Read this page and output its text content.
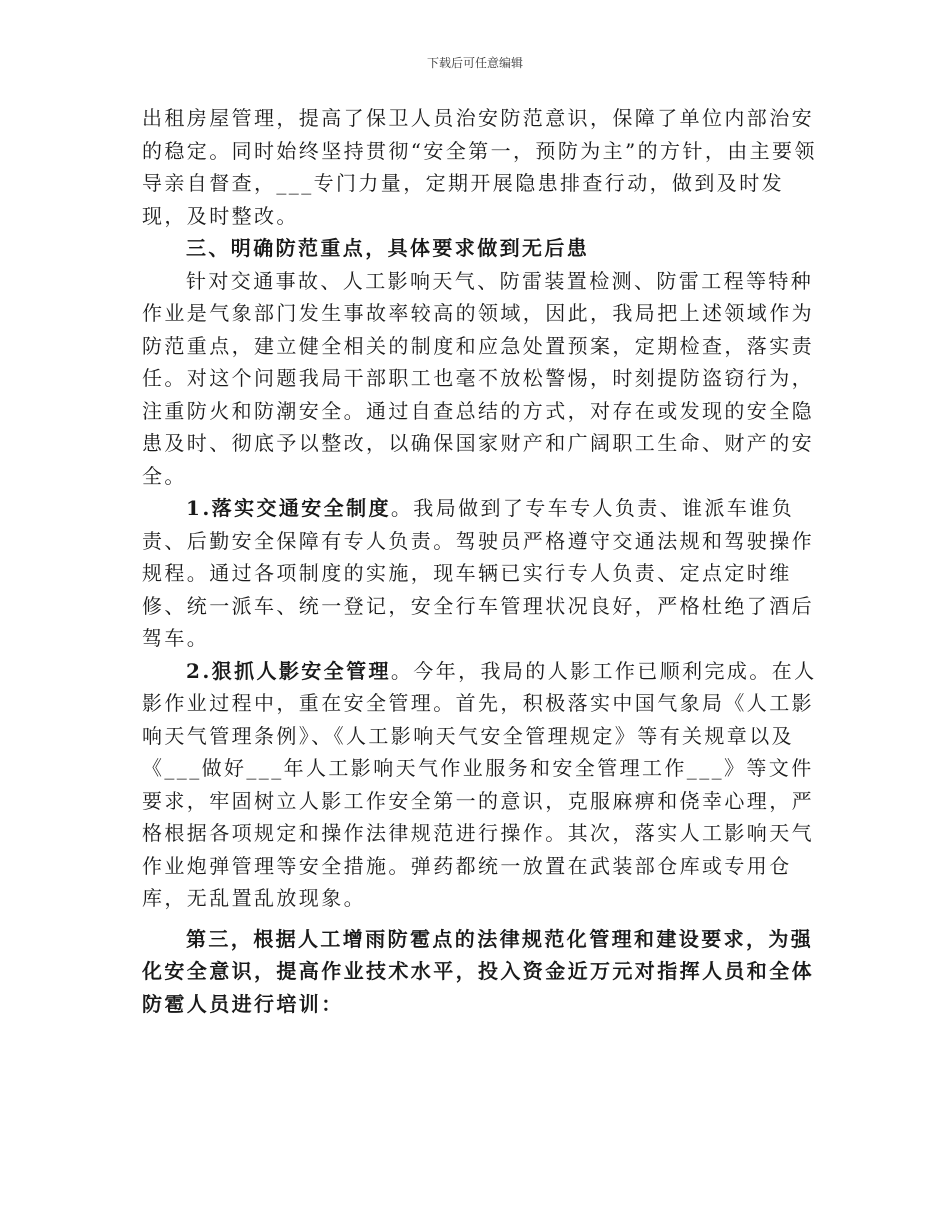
下载后可任意编辑

出租房屋管理，提高了保卫人员治安防范意识，保障了单位内部治安的稳定。同时始终坚持贯彻“安全第一，预防为主”的方针，由主要领导亲自督查，___专门力量，定期开展隐患排查行动，做到及时发现，及时整改。

三、明确防范重点，具体要求做到无后患

针对交通事故、人工影响天气、防雷装置检测、防雷工程等特种作业是气象部门发生事故率较高的领域，因此，我局把上述领域作为防范重点，建立健全相关的制度和应急处置预案，定期检查，落实责任。对这个问题我局干部职工也毫不放松警惕，时刻提防盗窃行为，注重防火和防潮安全。通过自查总结的方式，对存在或发现的安全隐患及时、彻底予以整改，以确保国家财产和广阔职工生命、财产的安全。

1.落实交通安全制度。我局做到了专车专人负责、谁派车谁负责、后勤安全保障有专人负责。驾驶员严格遵守交通法规和驾驶操作规程。通过各项制度的实施，现车辆已实行专人负责、定点定时维修、统一派车、统一登记，安全行车管理状况良好，严格杜绝了酒后驾车。

2.狠抓人影安全管理。今年，我局的人影工作已顺利完成。在人影作业过程中，重在安全管理。首先，积极落实中国气象局《人工影响天气管理条例》、《人工影响天气安全管理规定》等有关规章以及《___做好___年人工影响天气作业服务和安全管理工作___》等文件要求，牢固树立人影工作安全第一的意识，克服麻痹和侥幸心理，严格根据各项规定和操作法律规范进行操作。其次，落实人工影响天气作业炮弹管理等安全措施。弹药都统一放置在武装部仓库或专用仓库，无乱置乱放现象。

第三，根据人工增雨防雹点的法律规范化管理和建设要求，为强化安全意识，提高作业技术水平，投入资金近万元对指挥人员和全体防雹人员进行培训：
